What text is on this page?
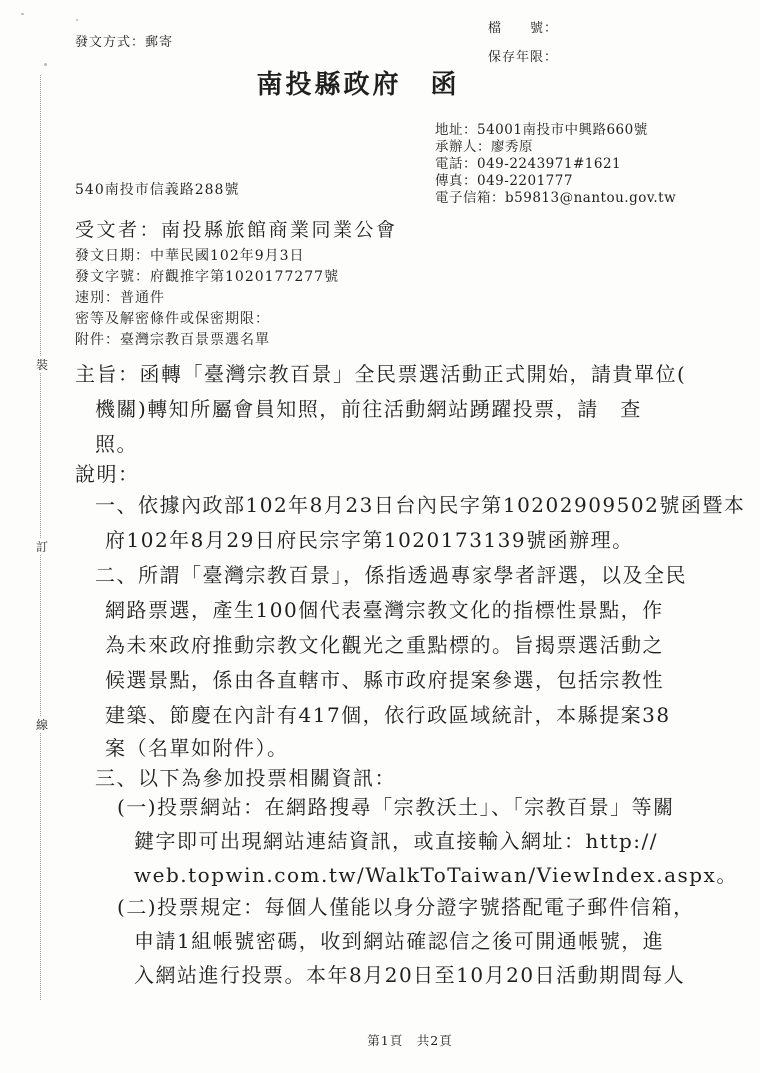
裝
訂
線
發文方式：郵寄
檔　　號：
保存年限：
南投縣政府　函
地址：54001南投市中興路660號
承辦人：廖秀原
電話：049-2243971#1621
傳真：049-2201777
電子信箱：b59813@nantou.gov.tw
540南投市信義路288號
受文者：南投縣旅館商業同業公會
發文日期：中華民國102年9月3日
發文字號：府觀推字第1020177277號
速別：普通件
密等及解密條件或保密期限：
附件：臺灣宗教百景票選名單
主旨：函轉「臺灣宗教百景」全民票選活動正式開始，請貴單位(
機關)轉知所屬會員知照，前往活動網站踴躍投票，請　查
照。
說明：
一、依據內政部102年8月23日台內民字第10202909502號函暨本
府102年8月29日府民宗字第1020173139號函辦理。
二、所謂「臺灣宗教百景」，係指透過專家學者評選，以及全民
網路票選，產生100個代表臺灣宗教文化的指標性景點，作
為未來政府推動宗教文化觀光之重點標的。旨揭票選活動之
候選景點，係由各直轄市、縣市政府提案參選，包括宗教性
建築、節慶在內計有417個，依行政區域統計，本縣提案38
案（名單如附件）。
三、以下為參加投票相關資訊：
(一)投票網站：在網路搜尋「宗教沃土」、「宗教百景」等關
鍵字即可出現網站連結資訊，或直接輸入網址：http://
web.topwin.com.tw/WalkToTaiwan/ViewIndex.aspx。
(二)投票規定：每個人僅能以身分證字號搭配電子郵件信箱，
申請1組帳號密碼，收到網站確認信之後可開通帳號，進
入網站進行投票。本年8月20日至10月20日活動期間每人
第1頁　共2頁
